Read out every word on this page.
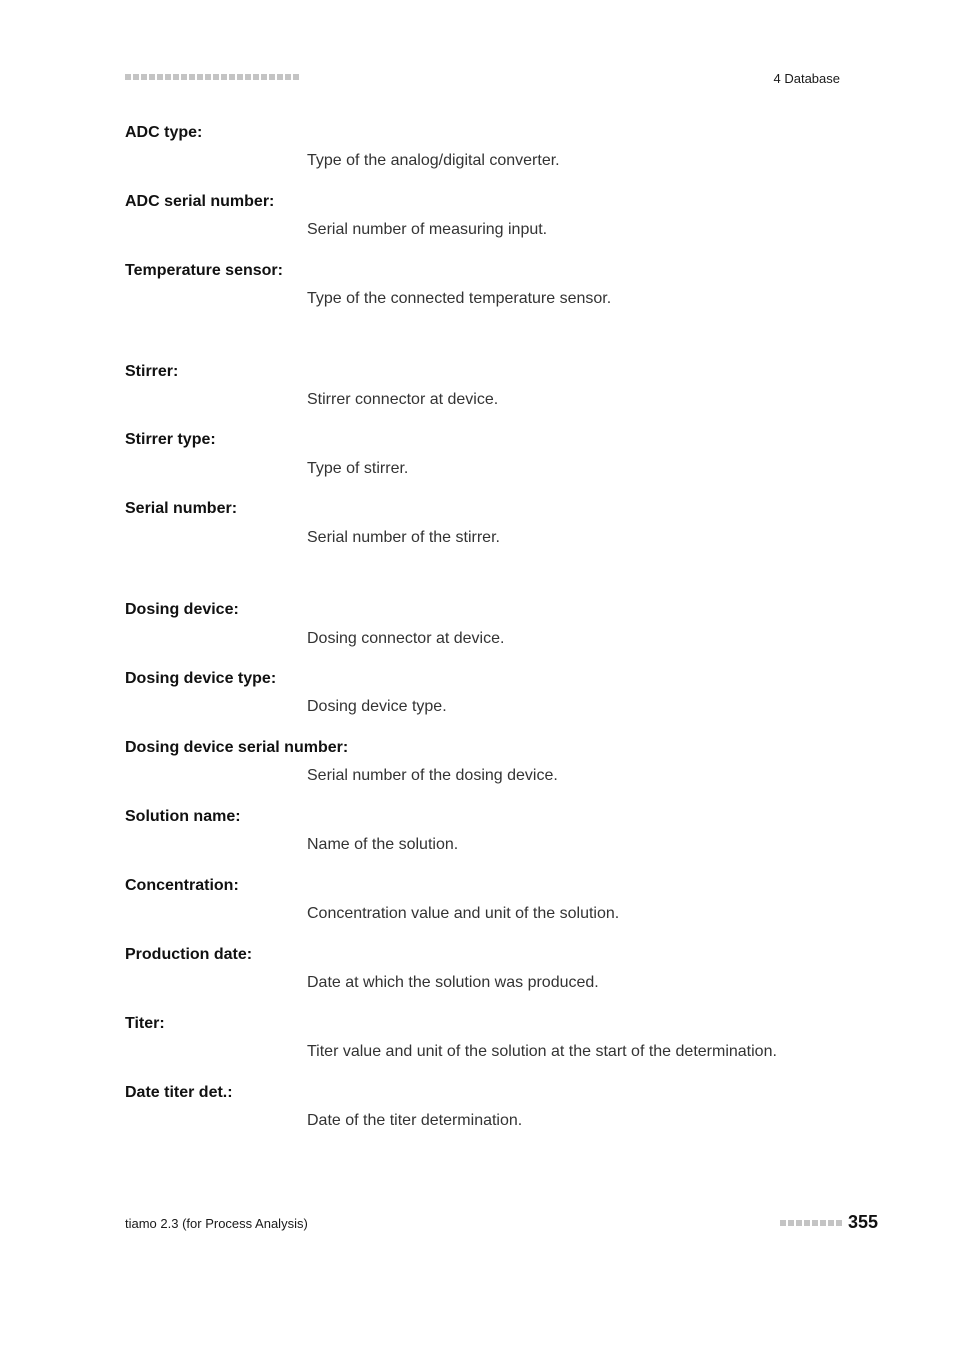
4 Database
ADC type:
Type of the analog/digital converter.
ADC serial number:
Serial number of measuring input.
Temperature sensor:
Type of the connected temperature sensor.
Stirrer:
Stirrer connector at device.
Stirrer type:
Type of stirrer.
Serial number:
Serial number of the stirrer.
Dosing device:
Dosing connector at device.
Dosing device type:
Dosing device type.
Dosing device serial number:
Serial number of the dosing device.
Solution name:
Name of the solution.
Concentration:
Concentration value and unit of the solution.
Production date:
Date at which the solution was produced.
Titer:
Titer value and unit of the solution at the start of the determination.
Date titer det.:
Date of the titer determination.
tiamo 2.3 (for Process Analysis)	355
